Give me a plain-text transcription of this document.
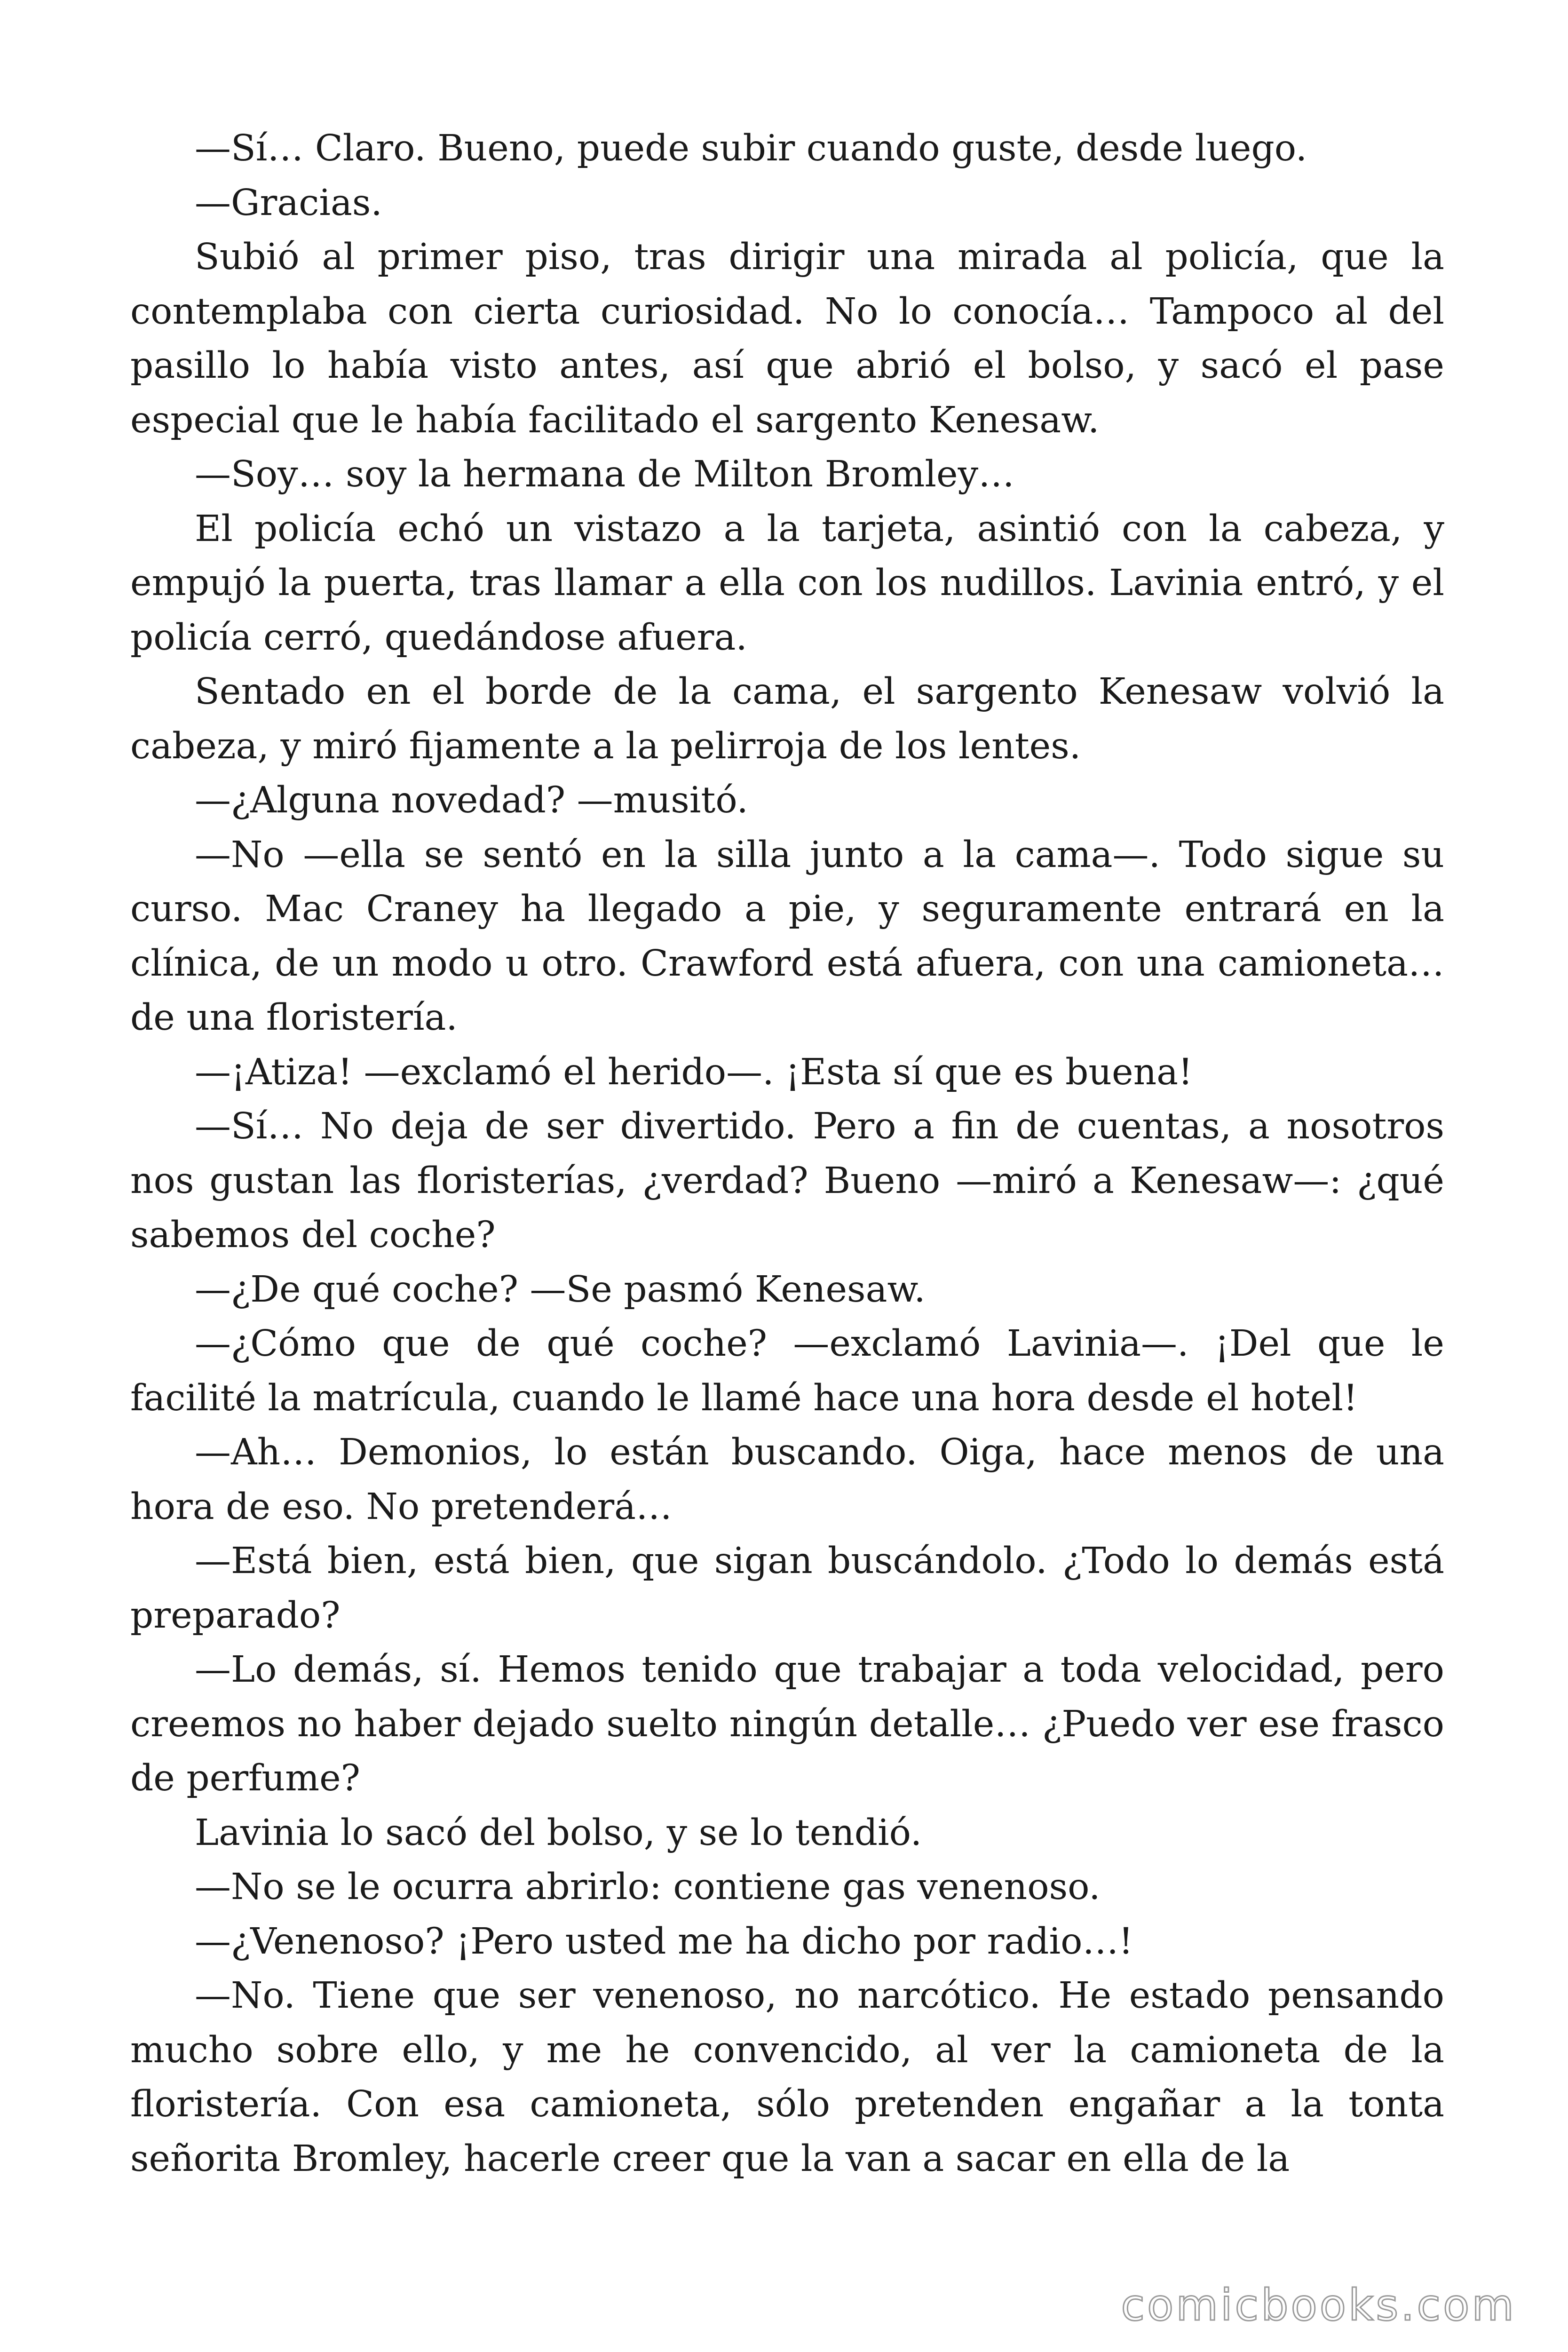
—Sí… Claro. Bueno, puede subir cuando guste, desde luego.

—Gracias.

Subió al primer piso, tras dirigir una mirada al policía, que la contemplaba con cierta curiosidad. No lo conocía… Tampoco al del pasillo lo había visto antes, así que abrió el bolso, y sacó el pase especial que le había facilitado el sargento Kenesaw.

—Soy… soy la hermana de Milton Bromley…

El policía echó un vistazo a la tarjeta, asintió con la cabeza, y empujó la puerta, tras llamar a ella con los nudillos. Lavinia entró, y el policía cerró, quedándose afuera.

Sentado en el borde de la cama, el sargento Kenesaw volvió la cabeza, y miró fijamente a la pelirroja de los lentes.

—¿Alguna novedad? —musitó.

—No —ella se sentó en la silla junto a la cama—. Todo sigue su curso. Mac Craney ha llegado a pie, y seguramente entrará en la clínica, de un modo u otro. Crawford está afuera, con una camioneta… de una floristería.

—¡Atiza! —exclamó el herido—. ¡Esta sí que es buena!

—Sí… No deja de ser divertido. Pero a fin de cuentas, a nosotros nos gustan las floristerías, ¿verdad? Bueno —miró a Kenesaw—: ¿qué sabemos del coche?

—¿De qué coche? —Se pasmó Kenesaw.

—¿Cómo que de qué coche? —exclamó Lavinia—. ¡Del que le facilité la matrícula, cuando le llamé hace una hora desde el hotel!

—Ah… Demonios, lo están buscando. Oiga, hace menos de una hora de eso. No pretenderá…

—Está bien, está bien, que sigan buscándolo. ¿Todo lo demás está preparado?

—Lo demás, sí. Hemos tenido que trabajar a toda velocidad, pero creemos no haber dejado suelto ningún detalle… ¿Puedo ver ese frasco de perfume?

Lavinia lo sacó del bolso, y se lo tendió.

—No se le ocurra abrirlo: contiene gas venenoso.

—¿Venenoso? ¡Pero usted me ha dicho por radio…!

—No. Tiene que ser venenoso, no narcótico. He estado pensando mucho sobre ello, y me he convencido, al ver la camioneta de la floristería. Con esa camioneta, sólo pretenden engañar a la tonta señorita Bromley, hacerle creer que la van a sacar en ella de la

comicbooks.com
